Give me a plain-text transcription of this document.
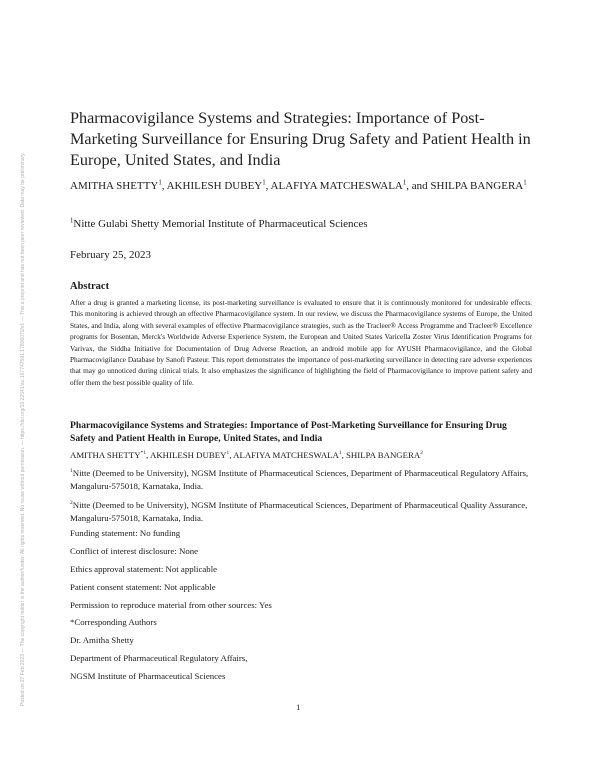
Posted on 27 Feb 2023 — The copyright holder is the author/funder. All rights reserved. No reuse without permission. — https://doi.org/10.22541/au.167747591.17806070/v1 — This a preprint and has not been peer reviewed. Data may be preliminary.
Pharmacovigilance Systems and Strategies: Importance of Post-Marketing Surveillance for Ensuring Drug Safety and Patient Health in Europe, United States, and India
AMITHA SHETTY$^1$, AKHILESH DUBEY$^1$, ALAFIYA MATCHESWALA$^1$, and SHILPA BANGERA$^1$
$^1$Nitte Gulabi Shetty Memorial Institute of Pharmaceutical Sciences
February 25, 2023
Abstract
After a drug is granted a marketing license, its post-marketing surveillance is evaluated to ensure that it is continuously monitored for undesirable effects. This monitoring is achieved through an effective Pharmacovigilance system. In our review, we discuss the Pharmacovigilance systems of Europe, the United States, and India, along with several examples of effective Pharmacovigilance strategies, such as the Tracleer® Access Programme and Tracleer® Excellence programs for Bosentan, Merck's Worldwide Adverse Experience System, the European and United States Varicella Zoster Virus Identification Programs for Varivax, the Siddha Initiative for Documentation of Drug Adverse Reaction, an android mobile app for AYUSH Pharmacovigilance, and the Global Pharmacovigilance Database by Sanofi Pasteur. This report demonstrates the importance of post-marketing surveillance in detecting rare adverse experiences that may go unnoticed during clinical trials. It also emphasizes the significance of highlighting the field of Pharmacovigilance to improve patient safety and offer them the best possible quality of life.
Pharmacovigilance Systems and Strategies: Importance of Post-Marketing Surveillance for Ensuring Drug Safety and Patient Health in Europe, United States, and India
AMITHA SHETTY$^{*1}$, AKHILESH DUBEY$^1$, ALAFIYA MATCHESWALA$^1$, SHILPA BANGERA$^2$
$^1$Nitte (Deemed to be University), NGSM Institute of Pharmaceutical Sciences, Department of Pharmaceutical Regulatory Affairs, Mangaluru-575018, Karnataka, India.
$^2$Nitte (Deemed to be University), NGSM Institute of Pharmaceutical Sciences, Department of Pharmaceutical Quality Assurance, Mangaluru-575018, Karnataka, India.
Funding statement: No funding
Conflict of interest disclosure: None
Ethics approval statement: Not applicable
Patient consent statement: Not applicable
Permission to reproduce material from other sources: Yes
*Corresponding Authors
Dr. Amitha Shetty
Department of Pharmaceutical Regulatory Affairs,
NGSM Institute of Pharmaceutical Sciences
1
